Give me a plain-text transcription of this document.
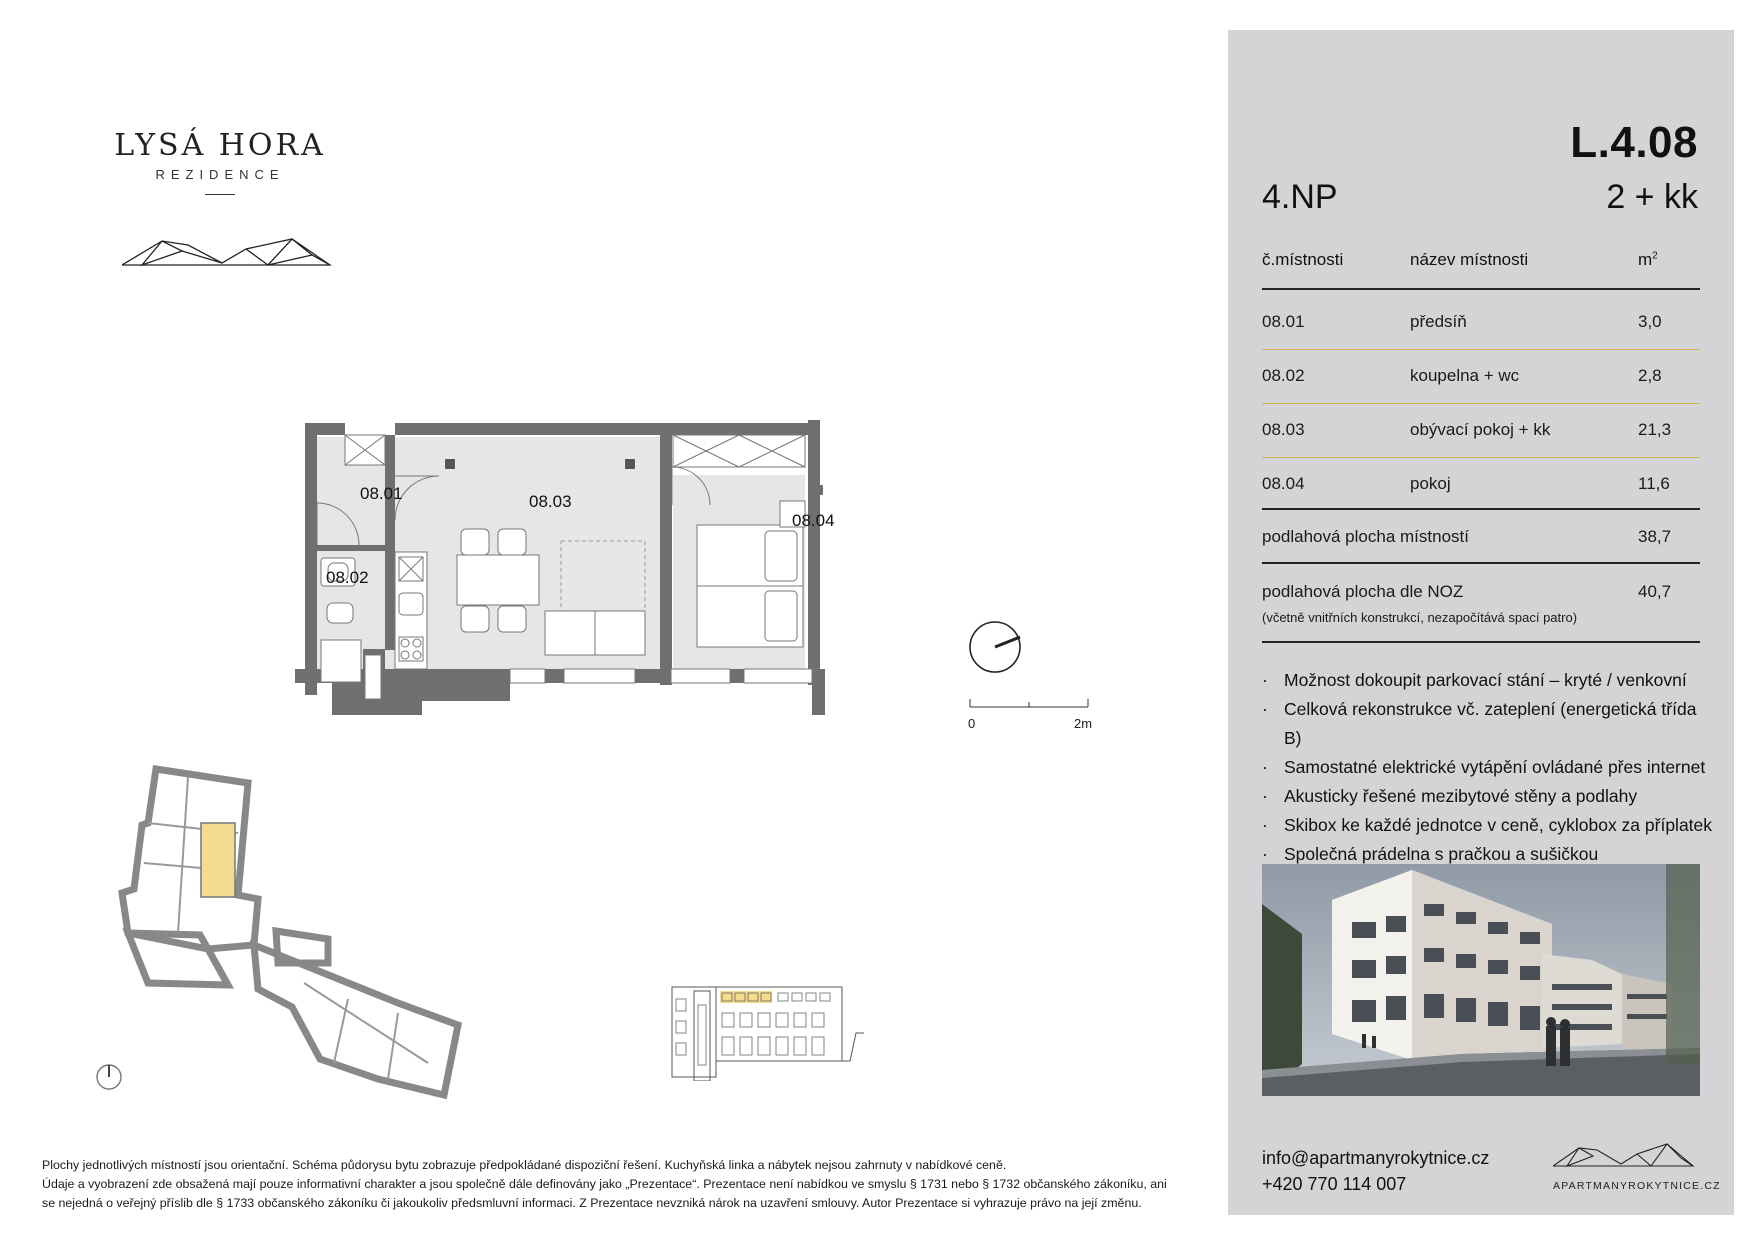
LYSÁ HORA
REZIDENCE
08.01
08.02
08.03
08.04
0	2m
Plochy jednotlivých místností jsou orientační. Schéma půdorysu bytu zobrazuje předpokládané dispoziční řešení. Kuchyňská linka a nábytek nejsou zahrnuty v nabídkové ceně.
Údaje a vyobrazení zde obsažená mají pouze informativní charakter a jsou společně dále definovány jako „Prezentace“. Prezentace není nabídkou ve smyslu § 1731 nebo § 1732 občanského zákoníku, ani
se nejedná o veřejný příslib dle § 1733 občanského zákoníku či jakoukoliv předsmluvní informaci. Z Prezentace nevzniká nárok na uzavření smlouvy. Autor Prezentace si vyhrazuje právo na její změnu.
L.4.08
4.NP	2 + kk
č.místnosti	název místnosti	$m^2$
08.01	předsíň	3,0
08.02	koupelna + wc	2,8
08.03	obývací pokoj + kk	21,3
08.04	pokoj	11,6
podlahová plocha místností	38,7
podlahová plocha dle NOZ	40,7
(včetně vnitřních konstrukcí, nezapočítává spací patro)
· Možnost dokoupit parkovací stání – kryté / venkovní
· Celková rekonstrukce vč. zateplení (energetická třída B)
· Samostatné elektrické vytápění ovládané přes internet
· Akusticky řešené mezibytové stěny a podlahy
· Skibox ke každé jednotce v ceně, cyklobox za příplatek
· Společná prádelna s pračkou a sušičkou
info@apartmanyrokytnice.cz
+420 770 114 007	APARTMANYROKYTNICE.CZ
